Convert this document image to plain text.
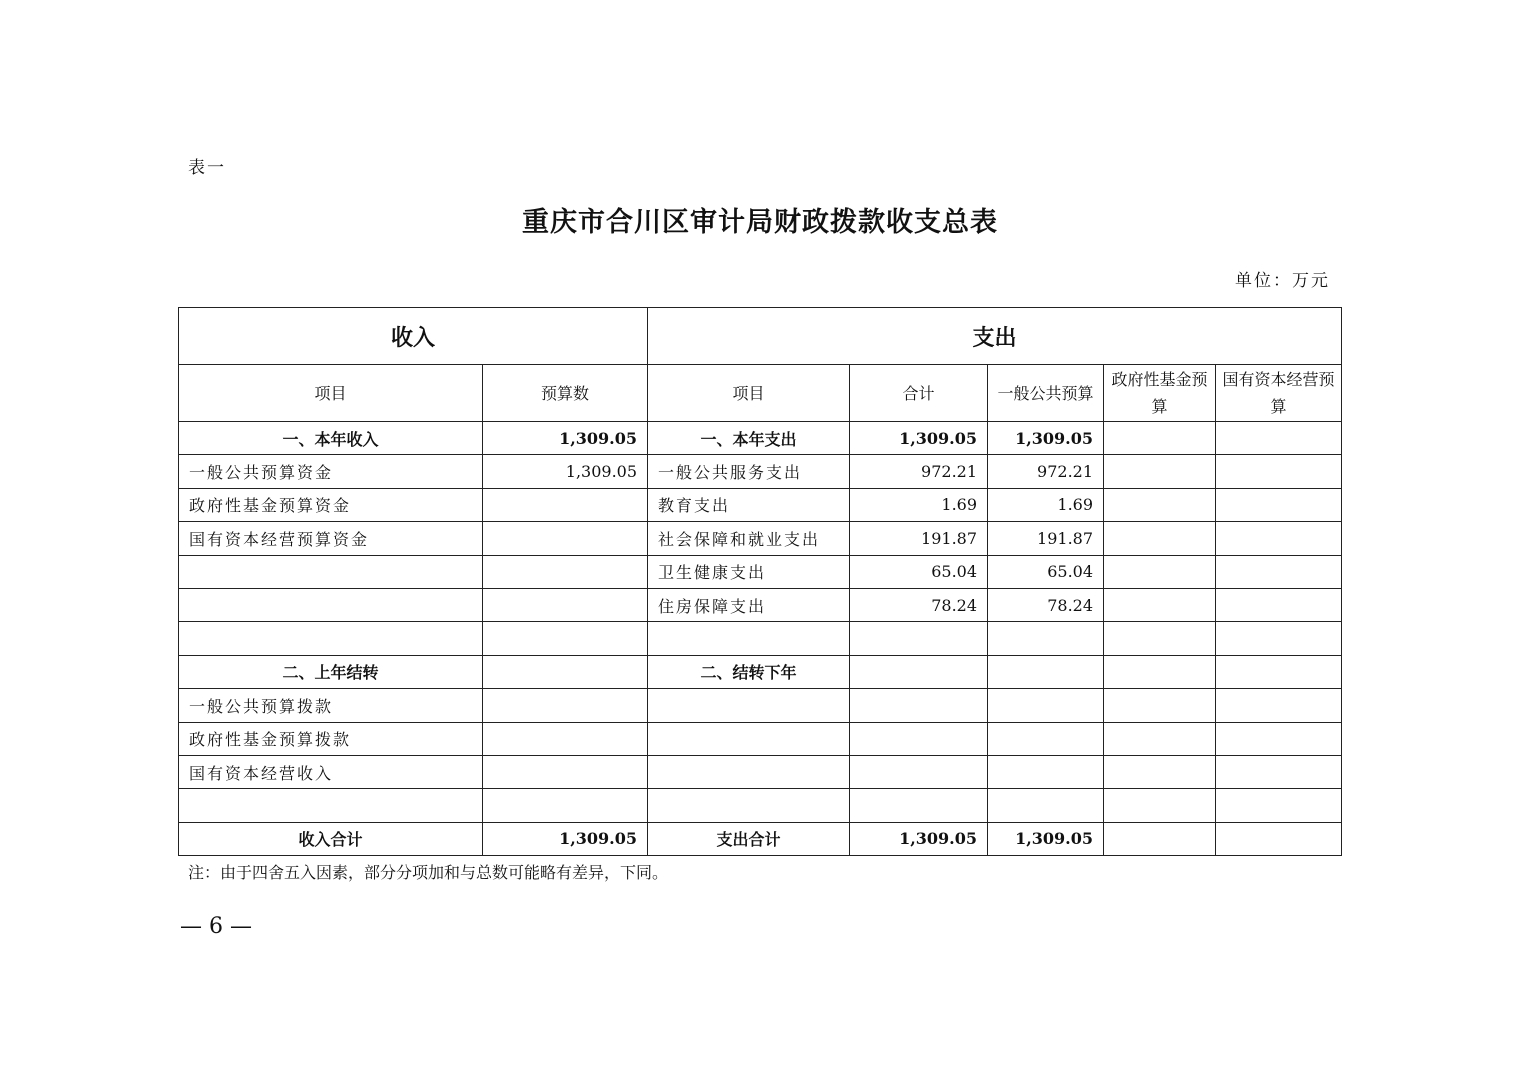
表一
重庆市合川区审计局财政拨款收支总表
单位：万元
收入		支出				
项目	预算数	项目	合计	一般公共预算	政府性基金预算	国有资本经营预算
一、本年收入	1,309.05	一、本年支出	1,309.05	1,309.05		
一般公共预算资金	1,309.05	一般公共服务支出	972.21	972.21		
政府性基金预算资金		教育支出	1.69	1.69		
国有资本经营预算资金		社会保障和就业支出	191.87	191.87		
		卫生健康支出	65.04	65.04		
		住房保障支出	78.24	78.24		

二、上年结转		二、结转下年				
一般公共预算拨款						
政府性基金预算拨款						
国有资本经营收入						

收入合计	1,309.05	支出合计	1,309.05	1,309.05		
注：由于四舍五入因素，部分分项加和与总数可能略有差异，下同。
— 6 —
